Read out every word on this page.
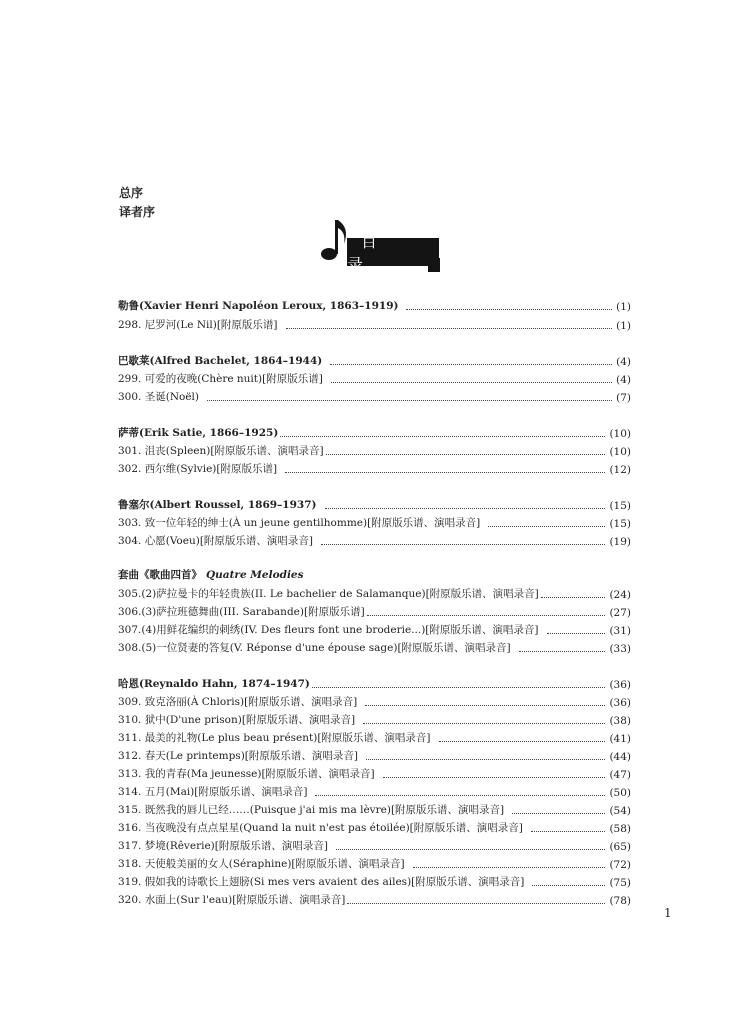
总序
译者序
目 录
勒鲁(Xavier Henri Napoléon Leroux, 1863–1919)	(1)
298. 尼罗河(Le Nil)[附原版乐谱]	(1)
巴歇莱(Alfred Bachelet, 1864–1944)	(4)
299. 可爱的夜晚(Chère nuit)[附原版乐谱]	(4)
300. 圣诞(Noël)	(7)
萨蒂(Erik Satie, 1866–1925)	(10)
301. 沮丧(Spleen)[附原版乐谱、演唱录音]	(10)
302. 西尔维(Sylvie)[附原版乐谱]	(12)
鲁塞尔(Albert Roussel, 1869–1937)	(15)
303. 致一位年轻的绅士(À un jeune gentilhomme)[附原版乐谱、演唱录音]	(15)
304. 心愿(Voeu)[附原版乐谱、演唱录音]	(19)
套曲《歌曲四首》 Quatre Melodies
305.(2)萨拉曼卡的年轻贵族(II. Le bachelier de Salamanque)[附原版乐谱、演唱录音]	(24)
306.(3)萨拉班德舞曲(III. Sarabande)[附原版乐谱]	(27)
307.(4)用鲜花编织的刺绣(IV. Des fleurs font une broderie...)[附原版乐谱、演唱录音]	(31)
308.(5)一位贤妻的答复(V. Réponse d'une épouse sage)[附原版乐谱、演唱录音]	(33)
哈恩(Reynaldo Hahn, 1874–1947)	(36)
309. 致克洛丽(À Chloris)[附原版乐谱、演唱录音]	(36)
310. 狱中(D'une prison)[附原版乐谱、演唱录音]	(38)
311. 最美的礼物(Le plus beau présent)[附原版乐谱、演唱录音]	(41)
312. 春天(Le printemps)[附原版乐谱、演唱录音]	(44)
313. 我的青春(Ma jeunesse)[附原版乐谱、演唱录音]	(47)
314. 五月(Mai)[附原版乐谱、演唱录音]	(50)
315. 既然我的唇儿已经……(Puisque j'ai mis ma lèvre)[附原版乐谱、演唱录音]	(54)
316. 当夜晚没有点点星星(Quand la nuit n'est pas étoilée)[附原版乐谱、演唱录音]	(58)
317. 梦境(Rêverie)[附原版乐谱、演唱录音]	(65)
318. 天使般美丽的女人(Séraphine)[附原版乐谱、演唱录音]	(72)
319. 假如我的诗歌长上翅膀(Si mes vers avaient des ailes)[附原版乐谱、演唱录音]	(75)
320. 水面上(Sur l'eau)[附原版乐谱、演唱录音]	(78)
1
